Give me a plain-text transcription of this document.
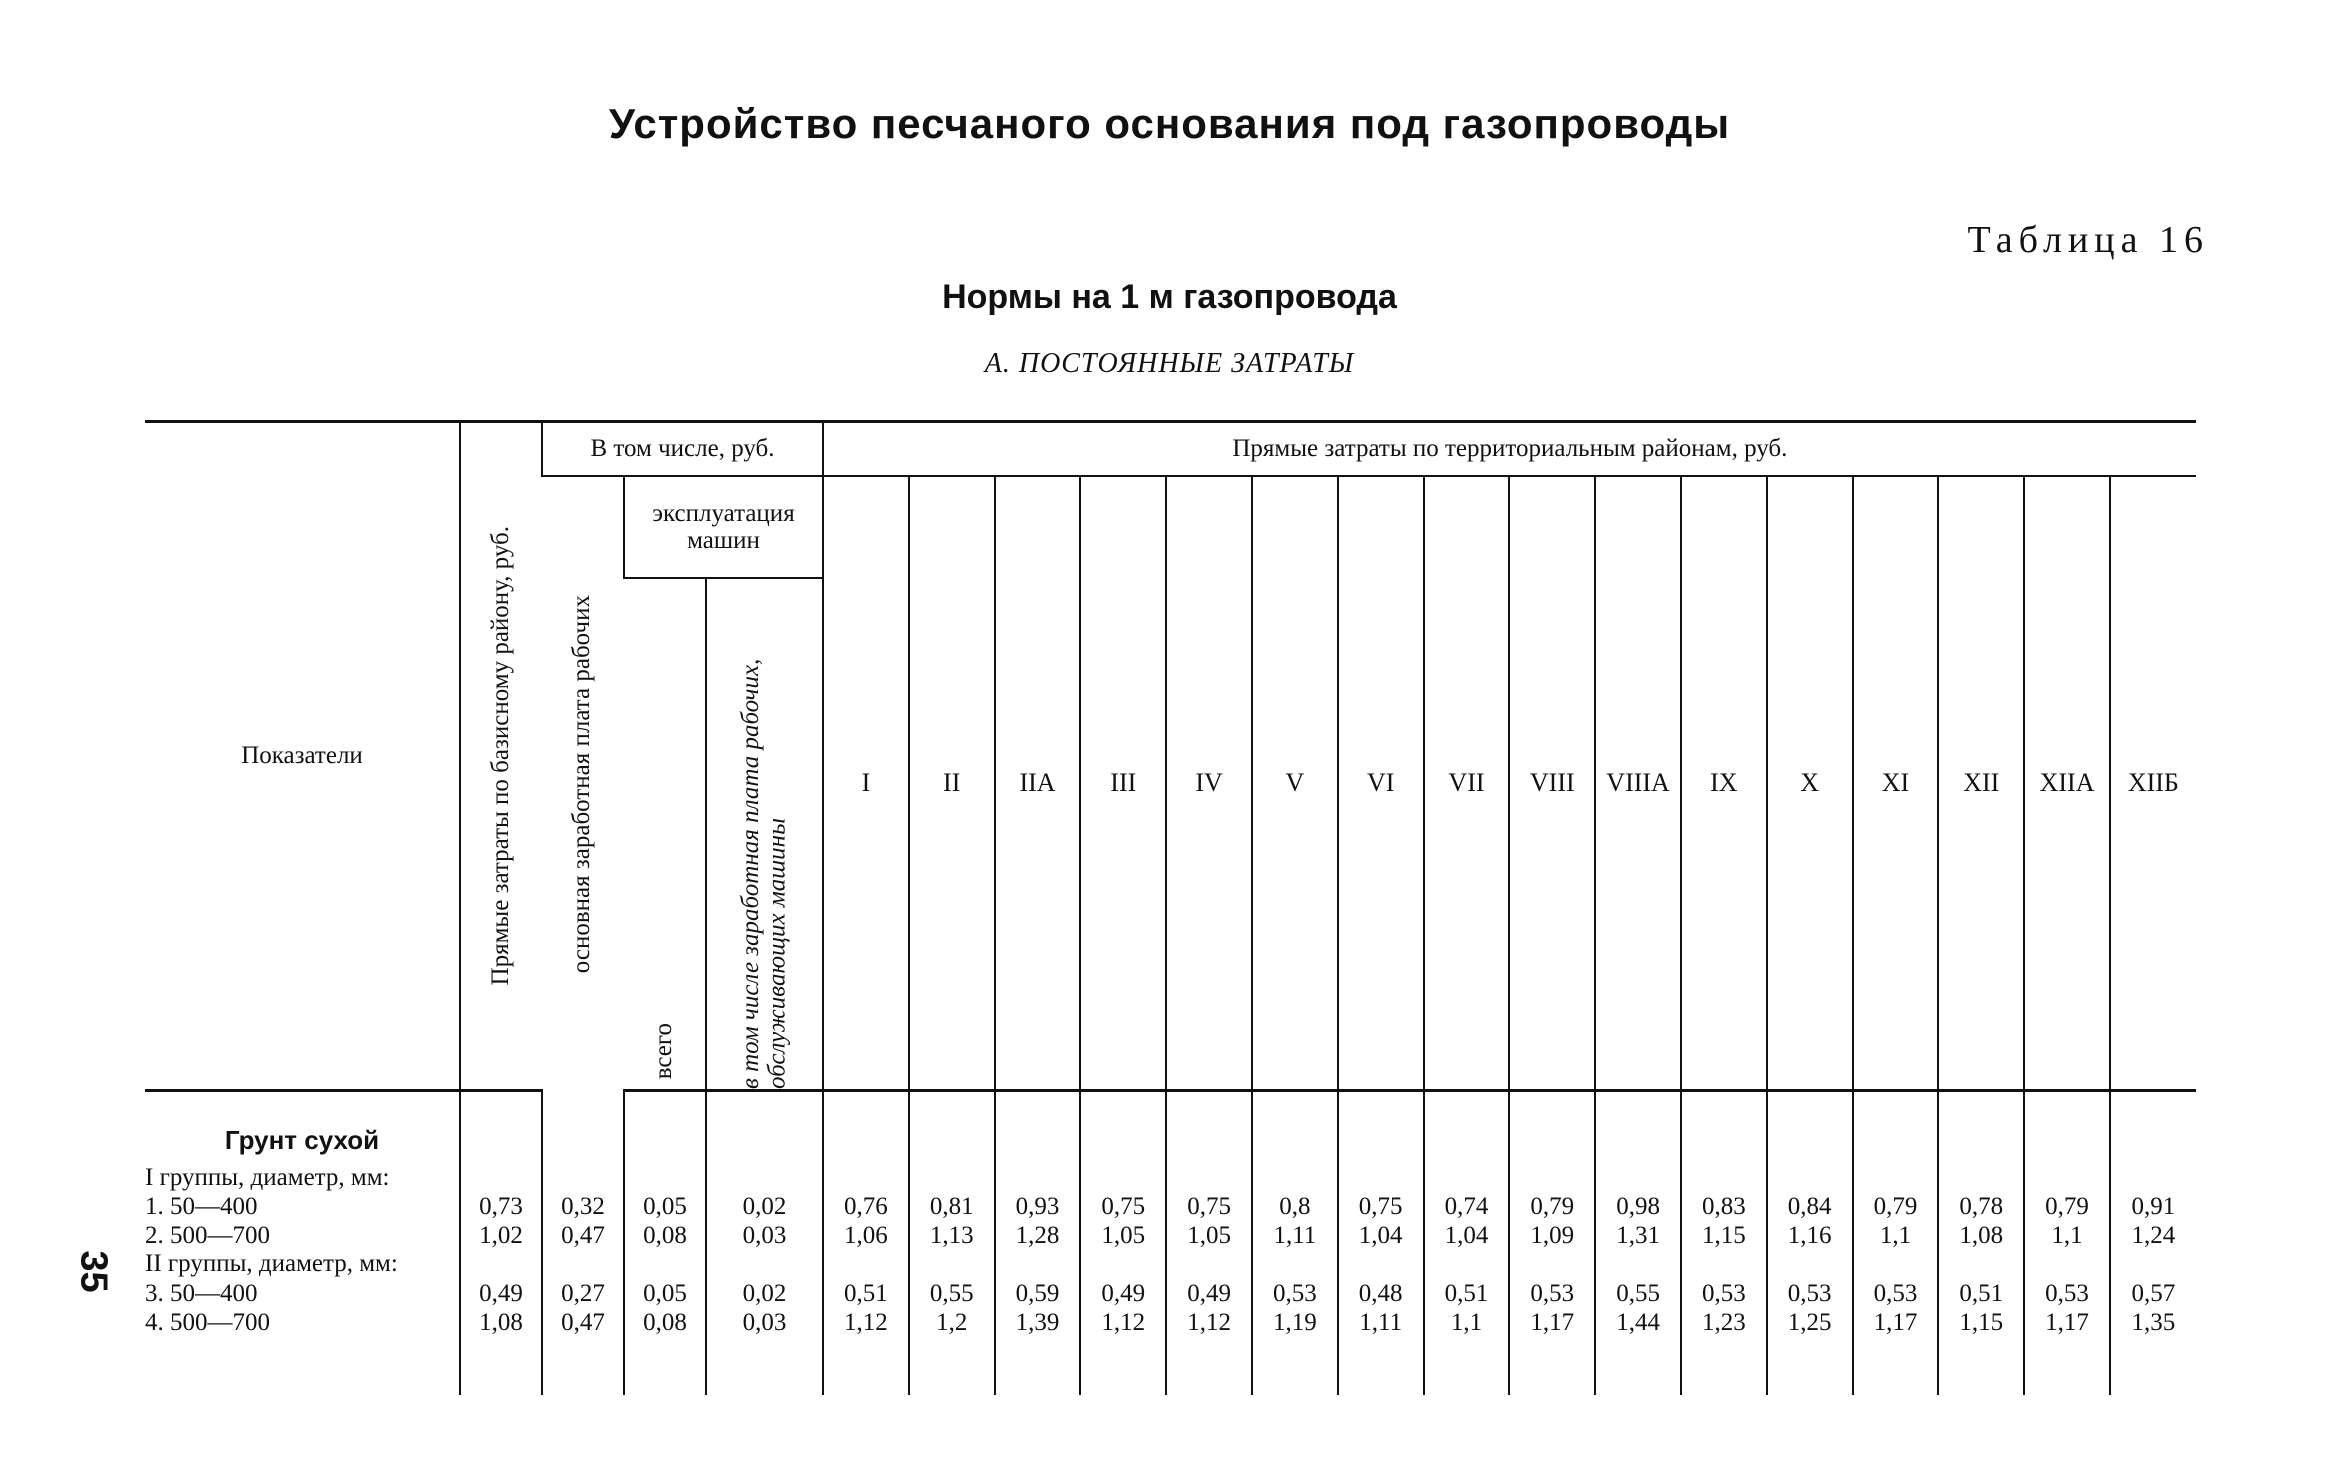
Устройство песчаного основания под газопроводы
Таблица 16
Нормы на 1 м газопровода
А. ПОСТОЯННЫЕ ЗАТРАТЫ
35
Показатели	Прямые затраты по базисному району, руб.	В том числе, руб.			Прямые затраты по территориальным районам, руб.															

		основная заработная плата рабочих	эксплуатация машин		I	II	IIA	III	IV	V	VI	VII	VIII	VIIIA	IX	X	XI	XII	XIIA	XIIБ

			всего	в том числе заработная плата рабочих, обслуживающих машины																

Грунт сухой																				
I группы, диаметр, мм:																				
1. 50—400	0,73	0,32	0,05	0,02	0,76	0,81	0,93	0,75	0,75	0,8	0,75	0,74	0,79	0,98	0,83	0,84	0,79	0,78	0,79	0,91
2. 500—700	1,02	0,47	0,08	0,03	1,06	1,13	1,28	1,05	1,05	1,11	1,04	1,04	1,09	1,31	1,15	1,16	1,1	1,08	1,1	1,24
II группы, диаметр, мм:																				
3. 50—400	0,49	0,27	0,05	0,02	0,51	0,55	0,59	0,49	0,49	0,53	0,48	0,51	0,53	0,55	0,53	0,53	0,53	0,51	0,53	0,57
4. 500—700	1,08	0,47	0,08	0,03	1,12	1,2	1,39	1,12	1,12	1,19	1,11	1,1	1,17	1,44	1,23	1,25	1,17	1,15	1,17	1,35
